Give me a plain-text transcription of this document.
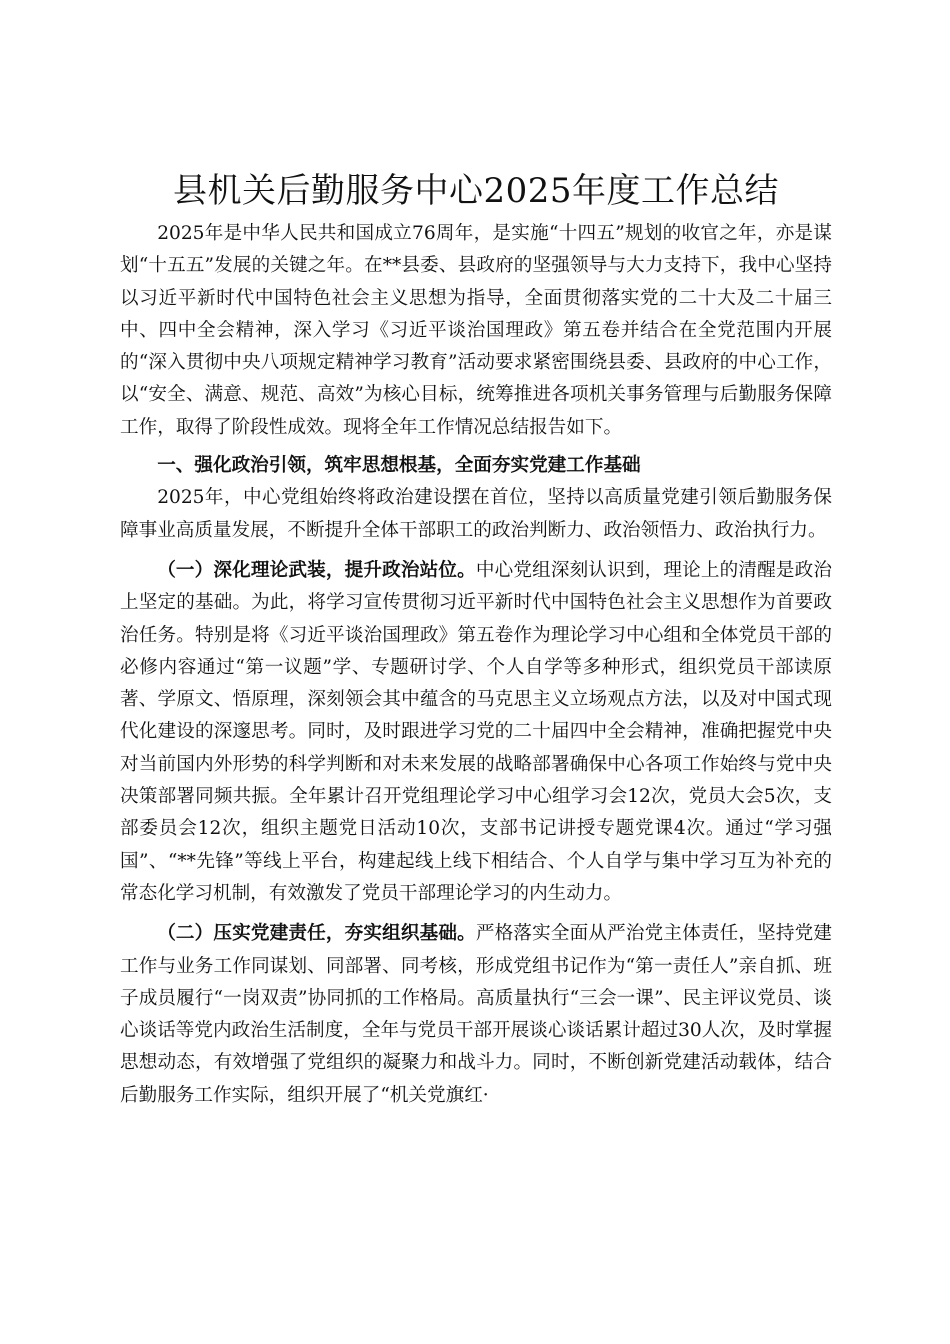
县机关后勤服务中心2025年度工作总结

2025年是中华人民共和国成立76周年，是实施“十四五”规划的收官之年，亦是谋划“十五五”发展的关键之年。在**县委、县政府的坚强领导与大力支持下，我中心坚持以习近平新时代中国特色社会主义思想为指导，全面贯彻落实党的二十大及二十届三中、四中全会精神，深入学习《习近平谈治国理政》第五卷并结合在全党范围内开展的“深入贯彻中央八项规定精神学习教育”活动要求紧密围绕县委、县政府的中心工作，以“安全、满意、规范、高效”为核心目标，统筹推进各项机关事务管理与后勤服务保障工作，取得了阶段性成效。现将全年工作情况总结报告如下。

一、强化政治引领，筑牢思想根基，全面夯实党建工作基础

2025年，中心党组始终将政治建设摆在首位，坚持以高质量党建引领后勤服务保障事业高质量发展，不断提升全体干部职工的政治判断力、政治领悟力、政治执行力。

（一）深化理论武装，提升政治站位。中心党组深刻认识到，理论上的清醒是政治上坚定的基础。为此，将学习宣传贯彻习近平新时代中国特色社会主义思想作为首要政治任务。特别是将《习近平谈治国理政》第五卷作为理论学习中心组和全体党员干部的必修内容通过“第一议题”学、专题研讨学、个人自学等多种形式，组织党员干部读原著、学原文、悟原理，深刻领会其中蕴含的马克思主义立场观点方法，以及对中国式现代化建设的深邃思考。同时，及时跟进学习党的二十届四中全会精神，准确把握党中央对当前国内外形势的科学判断和对未来发展的战略部署确保中心各项工作始终与党中央决策部署同频共振。全年累计召开党组理论学习中心组学习会12次，党员大会5次，支部委员会12次，组织主题党日活动10次，支部书记讲授专题党课4次。通过“学习强国”、“**先锋”等线上平台，构建起线上线下相结合、个人自学与集中学习互为补充的常态化学习机制，有效激发了党员干部理论学习的内生动力。

（二）压实党建责任，夯实组织基础。严格落实全面从严治党主体责任，坚持党建工作与业务工作同谋划、同部署、同考核，形成党组书记作为“第一责任人”亲自抓、班子成员履行“一岗双责”协同抓的工作格局。高质量执行“三会一课”、民主评议党员、谈心谈话等党内政治生活制度，全年与党员干部开展谈心谈话累计超过30人次，及时掌握思想动态，有效增强了党组织的凝聚力和战斗力。同时，不断创新党建活动载体，结合后勤服务工作实际，组织开展了“机关党旗红·
